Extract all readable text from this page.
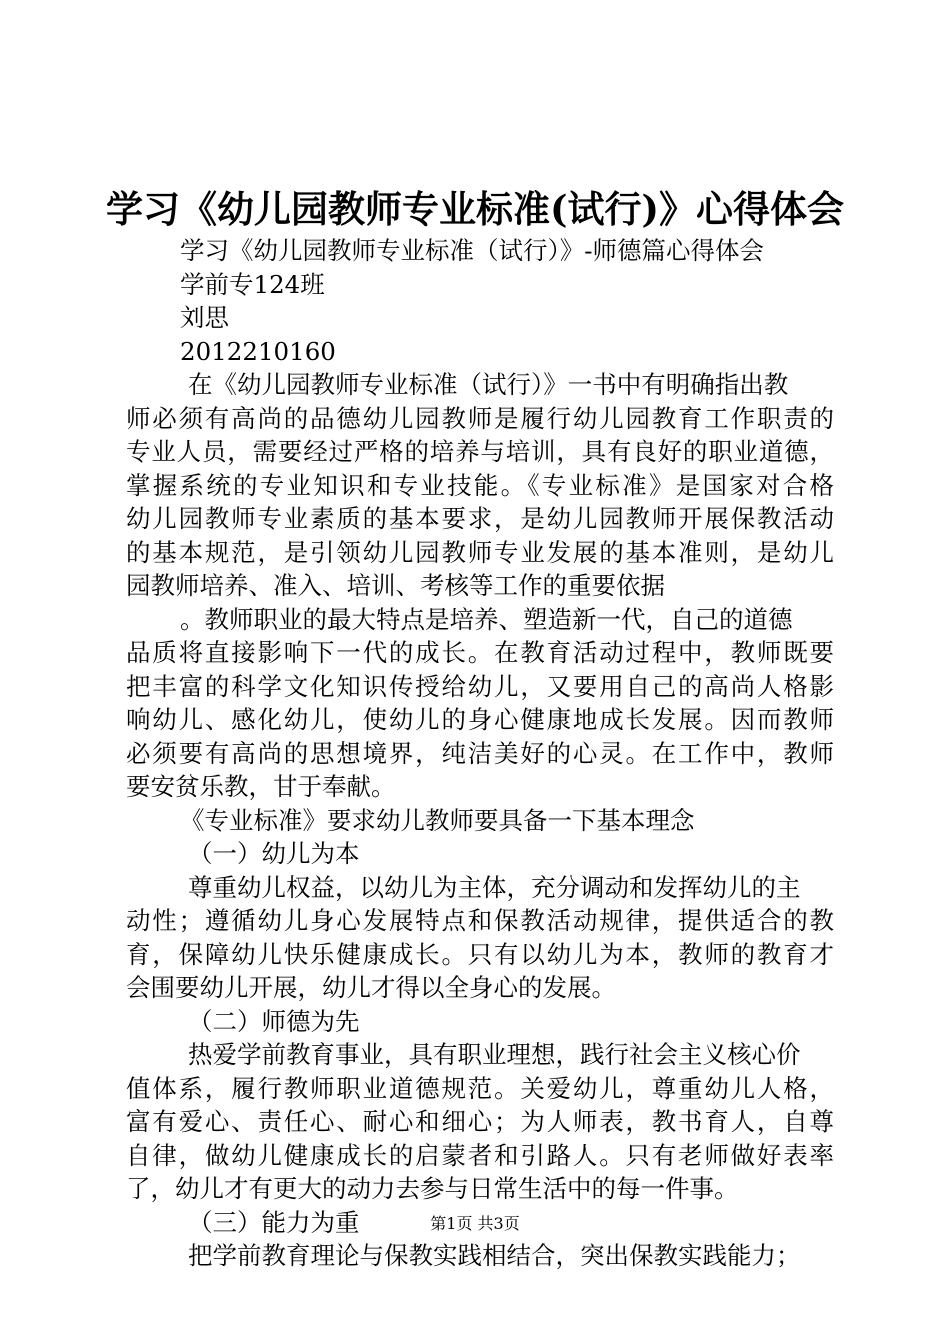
学习《幼儿园教师专业标准(试行)》心得体会
学习《幼儿园教师专业标准（试行）》-师德篇心得体会
学前专124班
刘思
2012210160
在《幼儿园教师专业标准（试行）》一书中有明确指出教
师必须有高尚的品德幼儿园教师是履行幼儿园教育工作职责的
专业人员，需要经过严格的培养与培训，具有良好的职业道德，
掌握系统的专业知识和专业技能。《专业标准》是国家对合格
幼儿园教师专业素质的基本要求，是幼儿园教师开展保教活动
的基本规范，是引领幼儿园教师专业发展的基本准则，是幼儿
园教师培养、准入、培训、考核等工作的重要依据
。教师职业的最大特点是培养、塑造新一代，自己的道德
品质将直接影响下一代的成长。在教育活动过程中，教师既要
把丰富的科学文化知识传授给幼儿，又要用自己的高尚人格影
响幼儿、感化幼儿，使幼儿的身心健康地成长发展。因而教师
必须要有高尚的思想境界，纯洁美好的心灵。在工作中，教师
要安贫乐教，甘于奉献。
《专业标准》要求幼儿教师要具备一下基本理念
（一）幼儿为本
尊重幼儿权益，以幼儿为主体，充分调动和发挥幼儿的主
动性；遵循幼儿身心发展特点和保教活动规律，提供适合的教
育，保障幼儿快乐健康成长。只有以幼儿为本，教师的教育才
会围要幼儿开展，幼儿才得以全身心的发展。
（二）师德为先
热爱学前教育事业，具有职业理想，践行社会主义核心价
值体系，履行教师职业道德规范。关爱幼儿，尊重幼儿人格，
富有爱心、责任心、耐心和细心；为人师表，教书育人，自尊
自律，做幼儿健康成长的启蒙者和引路人。只有老师做好表率
了，幼儿才有更大的动力去参与日常生活中的每一件事。
（三）能力为重
把学前教育理论与保教实践相结合，突出保教实践能力；
第1页 共3页
